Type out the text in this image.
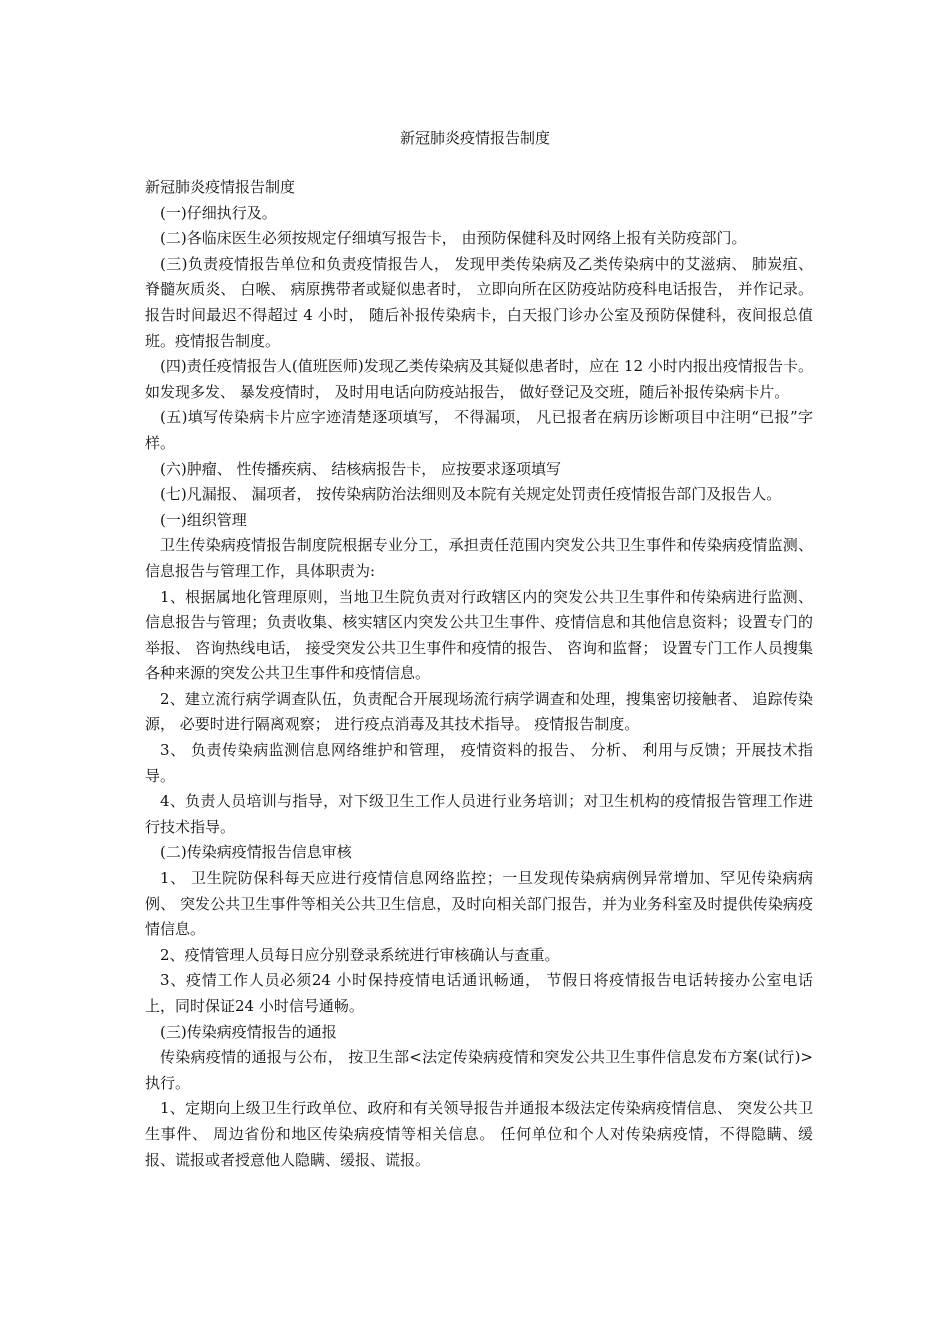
新冠肺炎疫情报告制度

新冠肺炎疫情报告制度

(一)仔细执行及。

(二)各临床医生必须按规定仔细填写报告卡， 由预防保健科及时网络上报有关防疫部门。

(三)负责疫情报告单位和负责疫情报告人， 发现甲类传染病及乙类传染病中的艾滋病、 肺炭疽、 脊髓灰质炎、 白喉、 病原携带者或疑似患者时， 立即向所在区防疫站防疫科电话报告， 并作记录。 报告时间最迟不得超过 4 小时， 随后补报传染病卡，白天报门诊办公室及预防保健科，夜间报总值班。疫情报告制度。

(四)责任疫情报告人(值班医师)发现乙类传染病及其疑似患者时，应在 12 小时内报出疫情报告卡。 如发现多发、 暴发疫情时， 及时用电话向防疫站报告， 做好登记及交班，随后补报传染病卡片。

(五)填写传染病卡片应字迹清楚逐项填写， 不得漏项， 凡已报者在病历诊断项目中注明“已报”字样。

(六)肿瘤、 性传播疾病、 结核病报告卡， 应按要求逐项填写

(七)凡漏报、 漏项者， 按传染病防治法细则及本院有关规定处罚责任疫情报告部门及报告人。

(一)组织管理

卫生传染病疫情报告制度院根据专业分工，承担责任范围内突发公共卫生事件和传染病疫情监测、信息报告与管理工作，具体职责为:

1、根据属地化管理原则，当地卫生院负责对行政辖区内的突发公共卫生事件和传染病进行监测、信息报告与管理；负责收集、核实辖区内突发公共卫生事件、疫情信息和其他信息资料；设置专门的举报、 咨询热线电话， 接受突发公共卫生事件和疫情的报告、 咨询和监督； 设置专门工作人员搜集各种来源的突发公共卫生事件和疫情信息。

2、建立流行病学调查队伍，负责配合开展现场流行病学调查和处理，搜集密切接触者、 追踪传染源， 必要时进行隔离观察； 进行疫点消毒及其技术指导。 疫情报告制度。

3、 负责传染病监测信息网络维护和管理， 疫情资料的报告、 分析、 利用与反馈；开展技术指导。

4、负责人员培训与指导，对下级卫生工作人员进行业务培训；对卫生机构的疫情报告管理工作进行技术指导。

(二)传染病疫情报告信息审核

1、 卫生院防保科每天应进行疫情信息网络监控；一旦发现传染病病例异常增加、罕见传染病病例、 突发公共卫生事件等相关公共卫生信息，及时向相关部门报告，并为业务科室及时提供传染病疫情信息。

2、疫情管理人员每日应分别登录系统进行审核确认与查重。

3、疫情工作人员必须24 小时保持疫情电话通讯畅通， 节假日将疫情报告电话转接办公室电话上，同时保证24 小时信号通畅。

(三)传染病疫情报告的通报

传染病疫情的通报与公布， 按卫生部<法定传染病疫情和突发公共卫生事件信息发布方案(试行)>执行。

1、定期向上级卫生行政单位、政府和有关领导报告并通报本级法定传染病疫情信息、 突发公共卫生事件、 周边省份和地区传染病疫情等相关信息。 任何单位和个人对传染病疫情，不得隐瞒、缓报、谎报或者授意他人隐瞒、缓报、谎报。
